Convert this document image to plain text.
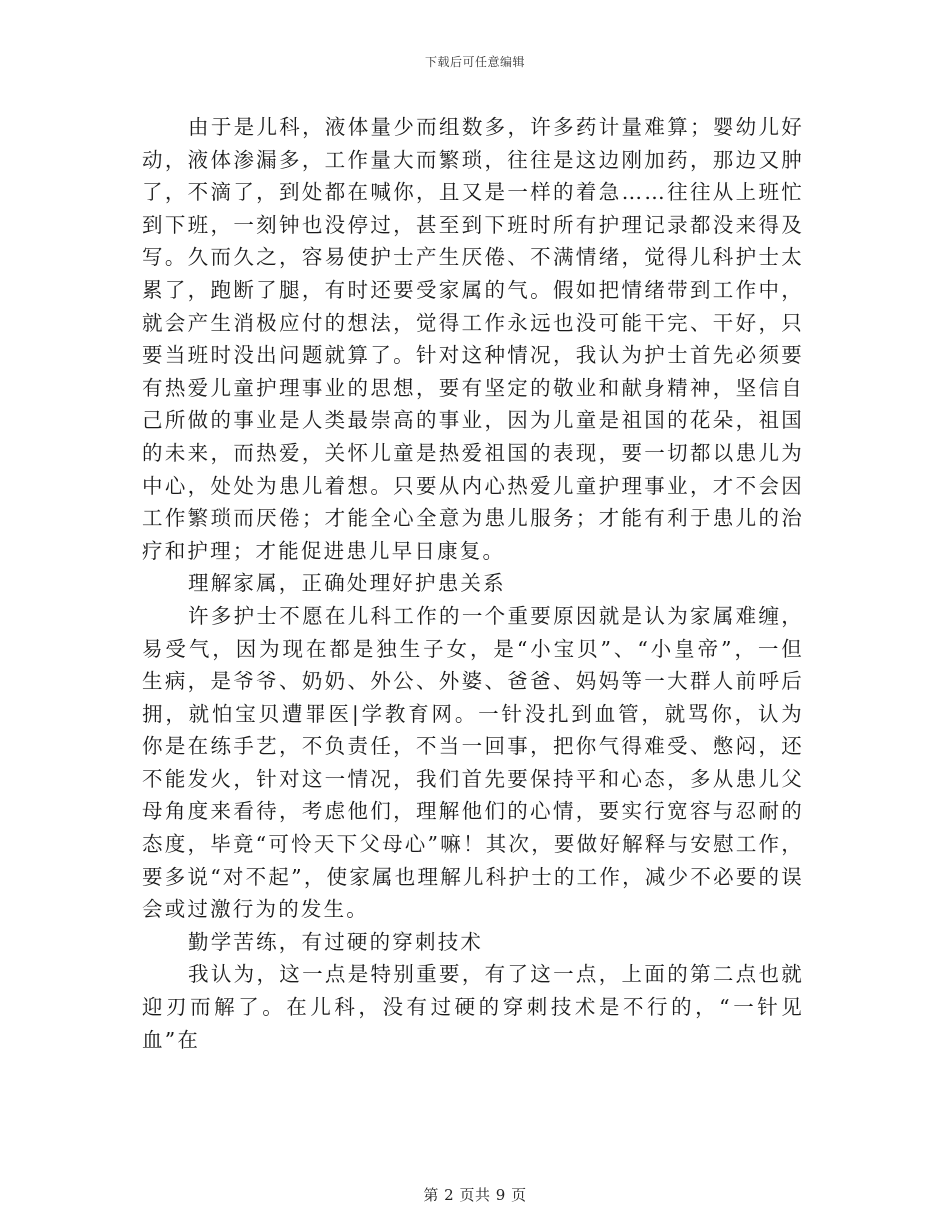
下载后可任意编辑

由于是儿科，液体量少而组数多，许多药计量难算；婴幼儿好动，液体渗漏多，工作量大而繁琐，往往是这边刚加药，那边又肿了，不滴了，到处都在喊你，且又是一样的着急……往往从上班忙到下班，一刻钟也没停过，甚至到下班时所有护理记录都没来得及写。久而久之，容易使护士产生厌倦、不满情绪，觉得儿科护士太累了，跑断了腿，有时还要受家属的气。假如把情绪带到工作中，就会产生消极应付的想法，觉得工作永远也没可能干完、干好，只要当班时没出问题就算了。针对这种情况，我认为护士首先必须要有热爱儿童护理事业的思想，要有坚定的敬业和献身精神，坚信自己所做的事业是人类最崇高的事业，因为儿童是祖国的花朵，祖国的未来，而热爱，关怀儿童是热爱祖国的表现，要一切都以患儿为中心，处处为患儿着想。只要从内心热爱儿童护理事业，才不会因工作繁琐而厌倦；才能全心全意为患儿服务；才能有利于患儿的治疗和护理；才能促进患儿早日康复。

理解家属，正确处理好护患关系

许多护士不愿在儿科工作的一个重要原因就是认为家属难缠，易受气，因为现在都是独生子女，是“小宝贝”、“小皇帝”，一但生病，是爷爷、奶奶、外公、外婆、爸爸、妈妈等一大群人前呼后拥，就怕宝贝遭罪医|学教育网。一针没扎到血管，就骂你，认为你是在练手艺，不负责任，不当一回事，把你气得难受、憋闷，还不能发火，针对这一情况，我们首先要保持平和心态，多从患儿父母角度来看待，考虑他们，理解他们的心情，要实行宽容与忍耐的态度，毕竟“可怜天下父母心”嘛！其次，要做好解释与安慰工作，要多说“对不起”，使家属也理解儿科护士的工作，减少不必要的误会或过激行为的发生。

勤学苦练，有过硬的穿刺技术

我认为，这一点是特别重要，有了这一点，上面的第二点也就迎刃而解了。在儿科，没有过硬的穿刺技术是不行的，“一针见血”在

第 2 页共 9 页
